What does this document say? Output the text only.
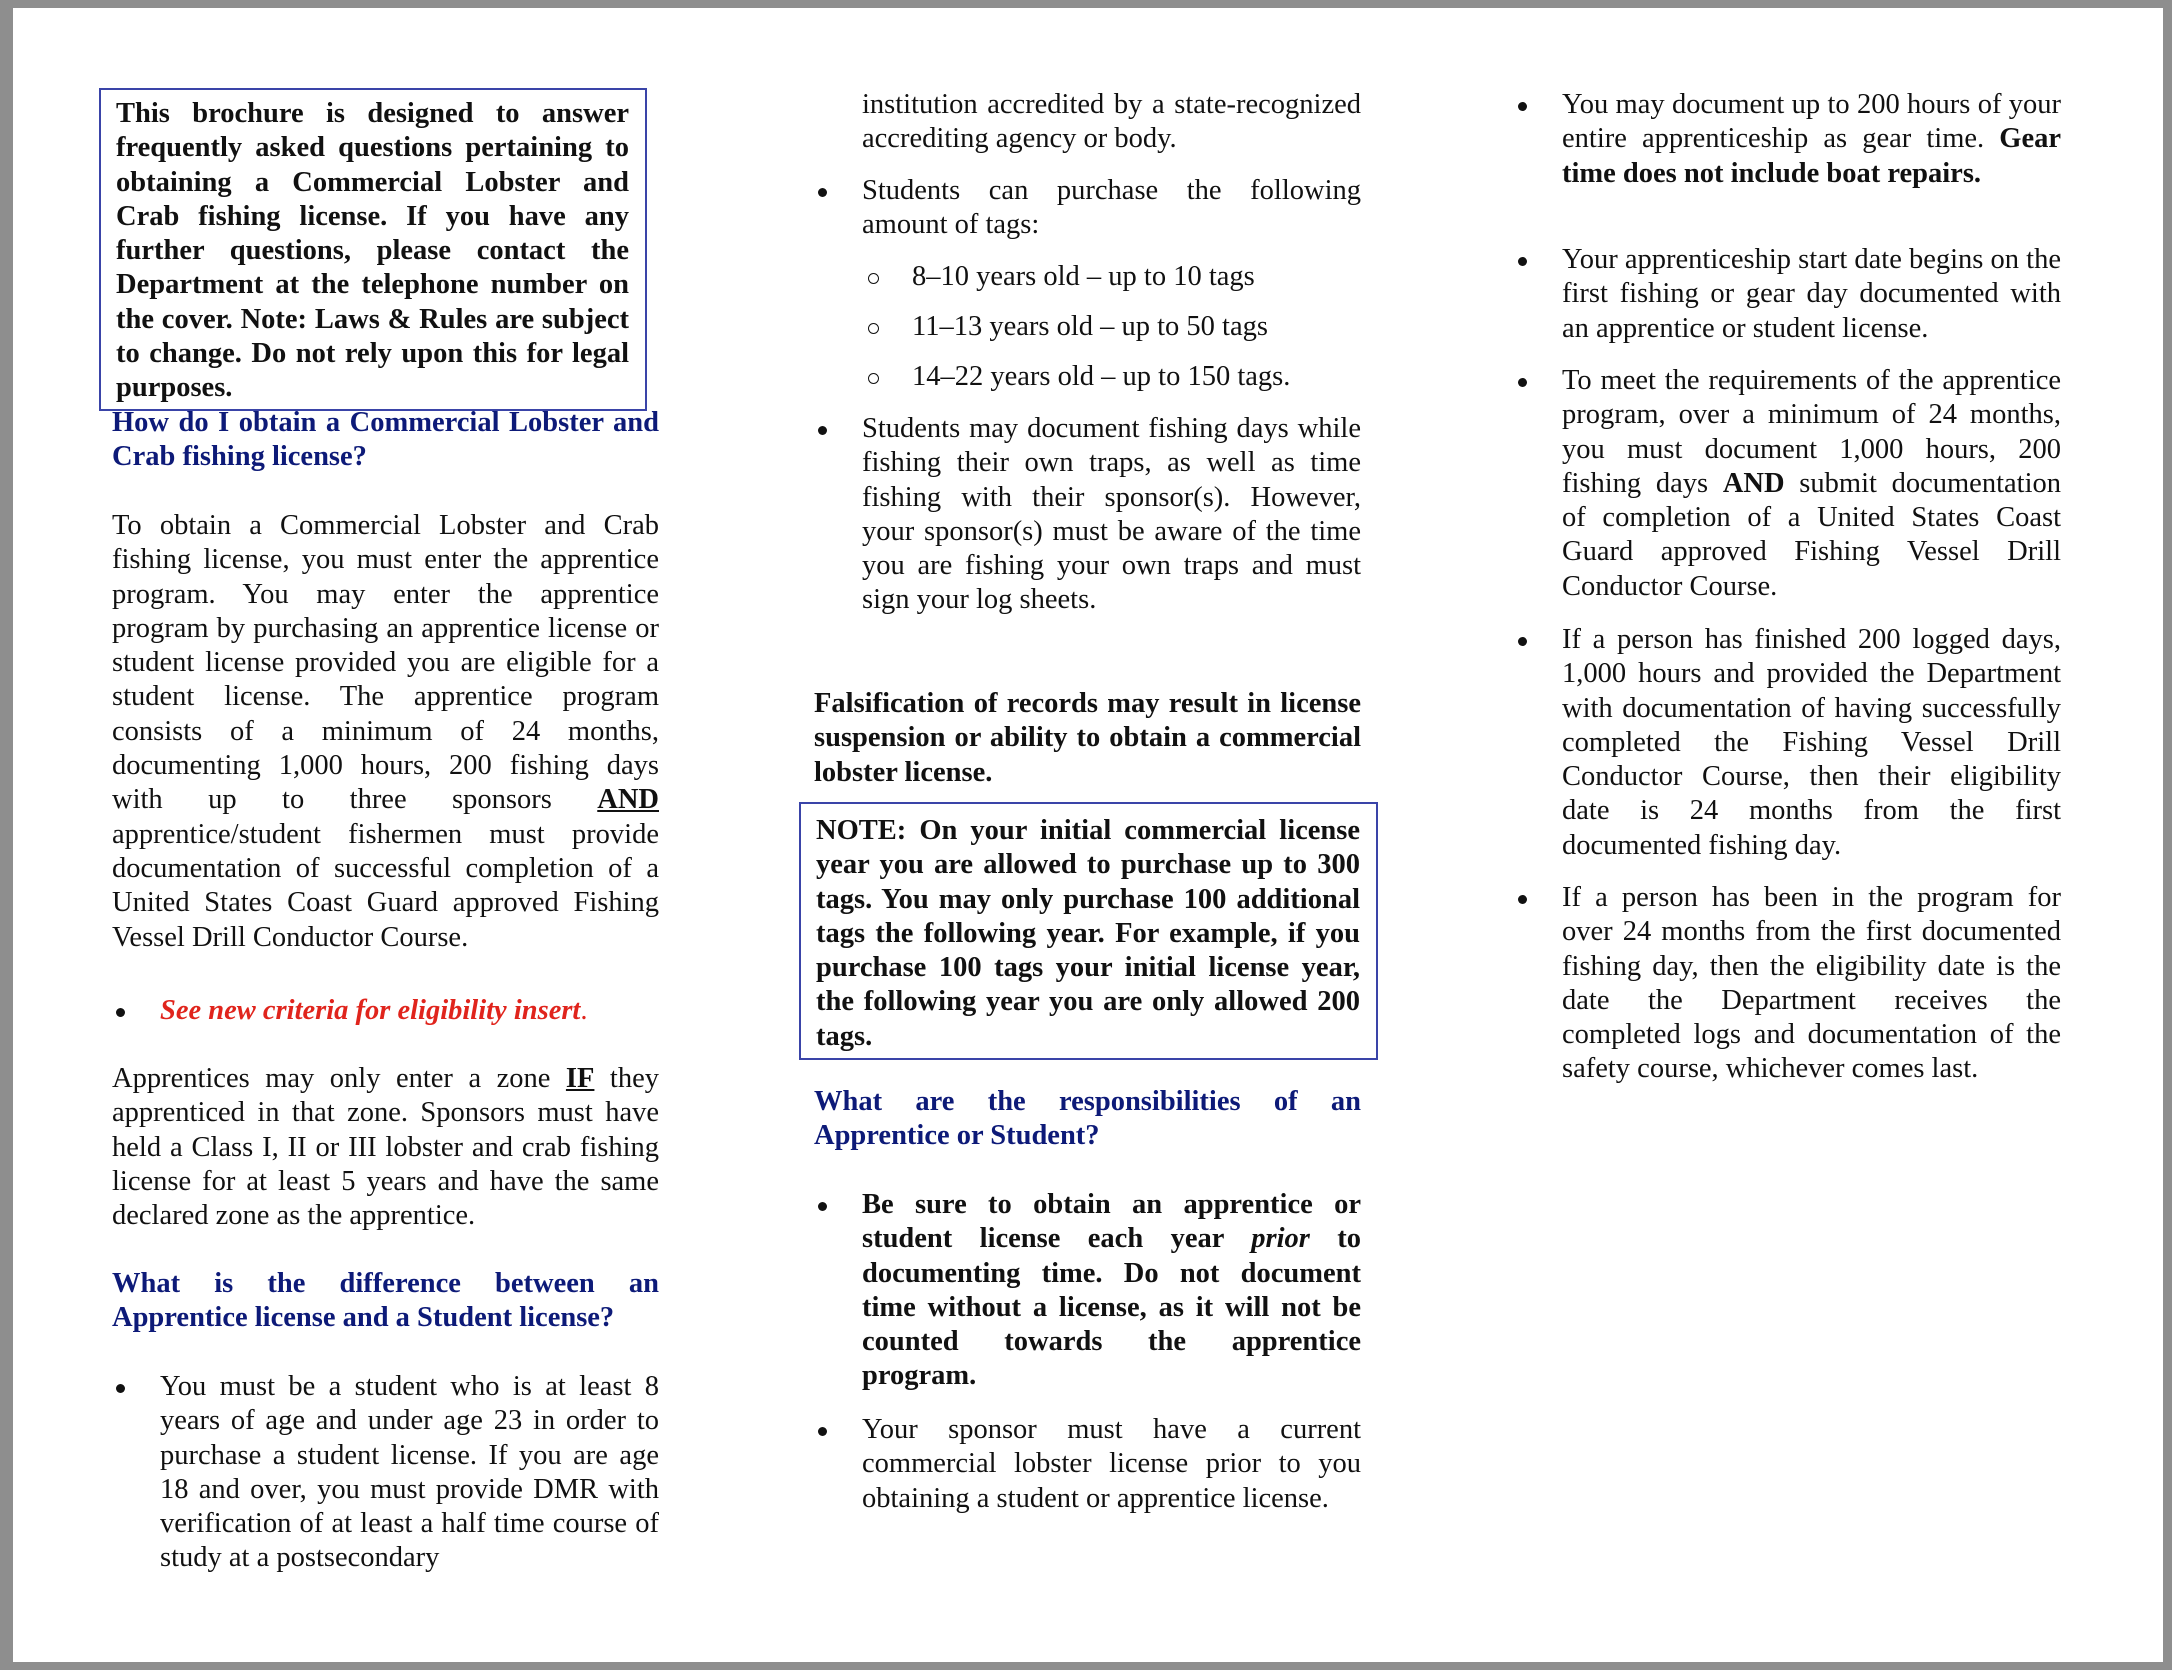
This brochure is designed to answer frequently asked questions pertaining to obtaining a Commercial Lobster and Crab fishing license. If you have any further questions, please contact the Department at the telephone number on the cover. Note: Laws & Rules are subject to change. Do not rely upon this for legal purposes.

How do I obtain a Commercial Lobster and Crab fishing license?

To obtain a Commercial Lobster and Crab fishing license, you must enter the apprentice program. You may enter the apprentice program by purchasing an apprentice license or student license provided you are eligible for a student license. The apprentice program consists of a minimum of 24 months, documenting 1,000 hours, 200 fishing days with up to three sponsors AND apprentice/student fishermen must provide documentation of successful completion of a United States Coast Guard approved Fishing Vessel Drill Conductor Course.

See new criteria for eligibility insert.

Apprentices may only enter a zone IF they apprenticed in that zone. Sponsors must have held a Class I, II or III lobster and crab fishing license for at least 5 years and have the same declared zone as the apprentice.

What is the difference between an Apprentice license and a Student license?

You must be a student who is at least 8 years of age and under age 23 in order to purchase a student license. If you are age 18 and over, you must provide DMR with verification of at least a half time course of study at a postsecondary

institution accredited by a state-recognized accrediting agency or body.

Students can purchase the following amount of tags:

8–10 years old – up to 10 tags

11–13 years old – up to 50 tags

14–22 years old – up to 150 tags.

Students may document fishing days while fishing their own traps, as well as time fishing with their sponsor(s). However, your sponsor(s) must be aware of the time you are fishing your own traps and must sign your log sheets.

Falsification of records may result in license suspension or ability to obtain a commercial lobster license.

NOTE: On your initial commercial license year you are allowed to purchase up to 300 tags. You may only purchase 100 additional tags the following year. For example, if you purchase 100 tags your initial license year, the following year you are only allowed 200 tags.

What are the responsibilities of an Apprentice or Student?

Be sure to obtain an apprentice or student license each year prior to documenting time. Do not document time without a license, as it will not be counted towards the apprentice program.

Your sponsor must have a current commercial lobster license prior to you obtaining a student or apprentice license.

You may document up to 200 hours of your entire apprenticeship as gear time. Gear time does not include boat repairs.

Your apprenticeship start date begins on the first fishing or gear day documented with an apprentice or student license.

To meet the requirements of the apprentice program, over a minimum of 24 months, you must document 1,000 hours, 200 fishing days AND submit documentation of completion of a United States Coast Guard approved Fishing Vessel Drill Conductor Course.

If a person has finished 200 logged days, 1,000 hours and provided the Department with documentation of having successfully completed the Fishing Vessel Drill Conductor Course, then their eligibility date is 24 months from the first documented fishing day.

If a person has been in the program for over 24 months from the first documented fishing day, then the eligibility date is the date the Department receives the completed logs and documentation of the safety course, whichever comes last.
